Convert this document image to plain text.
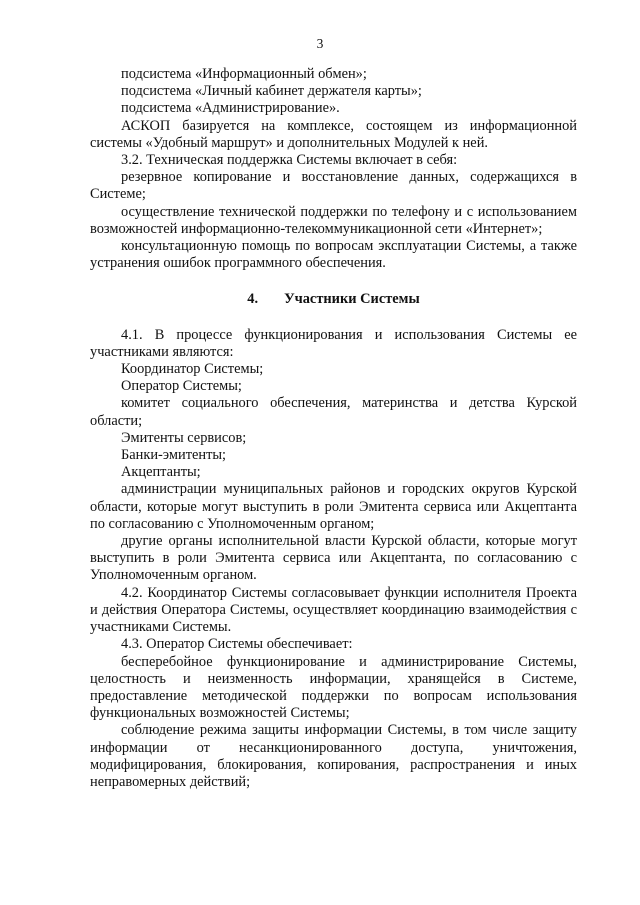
3

подсистема «Информационный обмен»;

подсистема «Личный кабинет держателя карты»;

подсистема «Администрирование».

АСКОП базируется на комплексе, состоящем из информационной системы «Удобный маршрут» и дополнительных Модулей к ней.

3.2. Техническая поддержка Системы включает в себя:

резервное копирование и восстановление данных, содержащихся в Системе;

осуществление технической поддержки по телефону и с использованием возможностей информационно-телекоммуникационной сети «Интернет»;

консультационную помощь по вопросам эксплуатации Системы, а также устранения ошибок программного обеспечения.

4. Участники Системы

4.1. В процессе функционирования и использования Системы ее участниками являются:

Координатор Системы;

Оператор Системы;

комитет социального обеспечения, материнства и детства Курской области;

Эмитенты сервисов;

Банки-эмитенты;

Акцептанты;

администрации муниципальных районов и городских округов Курской области, которые могут выступить в роли Эмитента сервиса или Акцептанта по согласованию с Уполномоченным органом;

другие органы исполнительной власти Курской области, которые могут выступить в роли Эмитента сервиса или Акцептанта, по согласованию с Уполномоченным органом.

4.2. Координатор Системы согласовывает функции исполнителя Проекта и действия Оператора Системы, осуществляет координацию взаимодействия с участниками Системы.

4.3. Оператор Системы обеспечивает:

бесперебойное функционирование и администрирование Системы, целостность и неизменность информации, хранящейся в Системе, предоставление методической поддержки по вопросам использования функциональных возможностей Системы;

соблюдение режима защиты информации Системы, в том числе защиту информации от несанкционированного доступа, уничтожения, модифицирования, блокирования, копирования, распространения и иных неправомерных действий;
